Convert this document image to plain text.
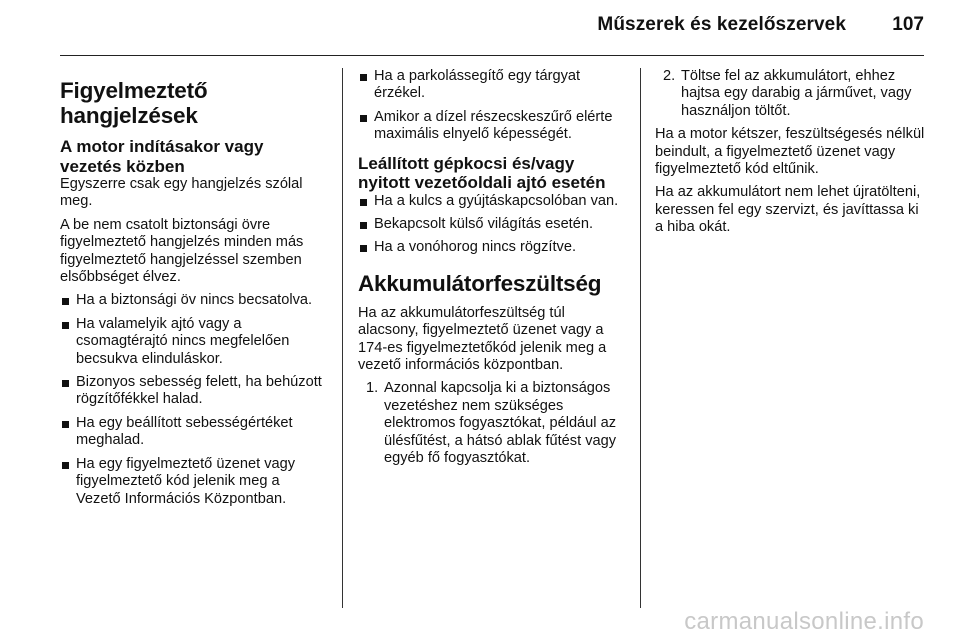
Műszerek és kezelőszervek 107
Figyelmeztető
hangjelzések
A motor indításakor vagy vezetés közben

Egyszerre csak egy hangjelzés szólal meg.

A be nem csatolt biztonsági övre figyelmeztető hangjelzés minden más figyelmeztető hangjelzéssel szemben elsőbbséget élvez.

Ha a biztonsági öv nincs becsatolva.
Ha valamelyik ajtó vagy a csomagtérajtó nincs megfelelően becsukva elinduláskor.
Bizonyos sebesség felett, ha behúzott rögzítőfékkel halad.
Ha egy beállított sebességértéket meghalad.
Ha egy figyelmeztető üzenet vagy figyelmeztető kód jelenik meg a Vezető Információs Központban.
Ha a parkolássegítő egy tárgyat érzékel.
Amikor a dízel részecskeszűrő elérte maximális elnyelő képességét.
Leállított gépkocsi és/vagy nyitott vezetőoldali ajtó esetén
Ha a kulcs a gyújtáskapcsolóban van.
Bekapcsolt külső világítás esetén.
Ha a vonóhorog nincs rögzítve.
Akkumulátorfeszültség

Ha az akkumulátorfeszültség túl alacsony, figyelmeztető üzenet vagy a 174-es figyelmeztetőkód jelenik meg a vezető információs központban.

1. Azonnal kapcsolja ki a biztonságos vezetéshez nem szükséges elektromos fogyasztókat, például az ülésfűtést, a hátsó ablak fűtést vagy egyéb fő fogyasztókat.
2. Töltse fel az akkumulátort, ehhez hajtsa egy darabig a járművet, vagy használjon töltőt.

Ha a motor kétszer, feszültségesés nélkül beindult, a figyelmeztető üzenet vagy figyelmeztető kód eltűnik.

Ha az akkumulátort nem lehet újratölteni, keressen fel egy szervizt, és javíttassa ki a hiba okát.

carmanualsonline.info
